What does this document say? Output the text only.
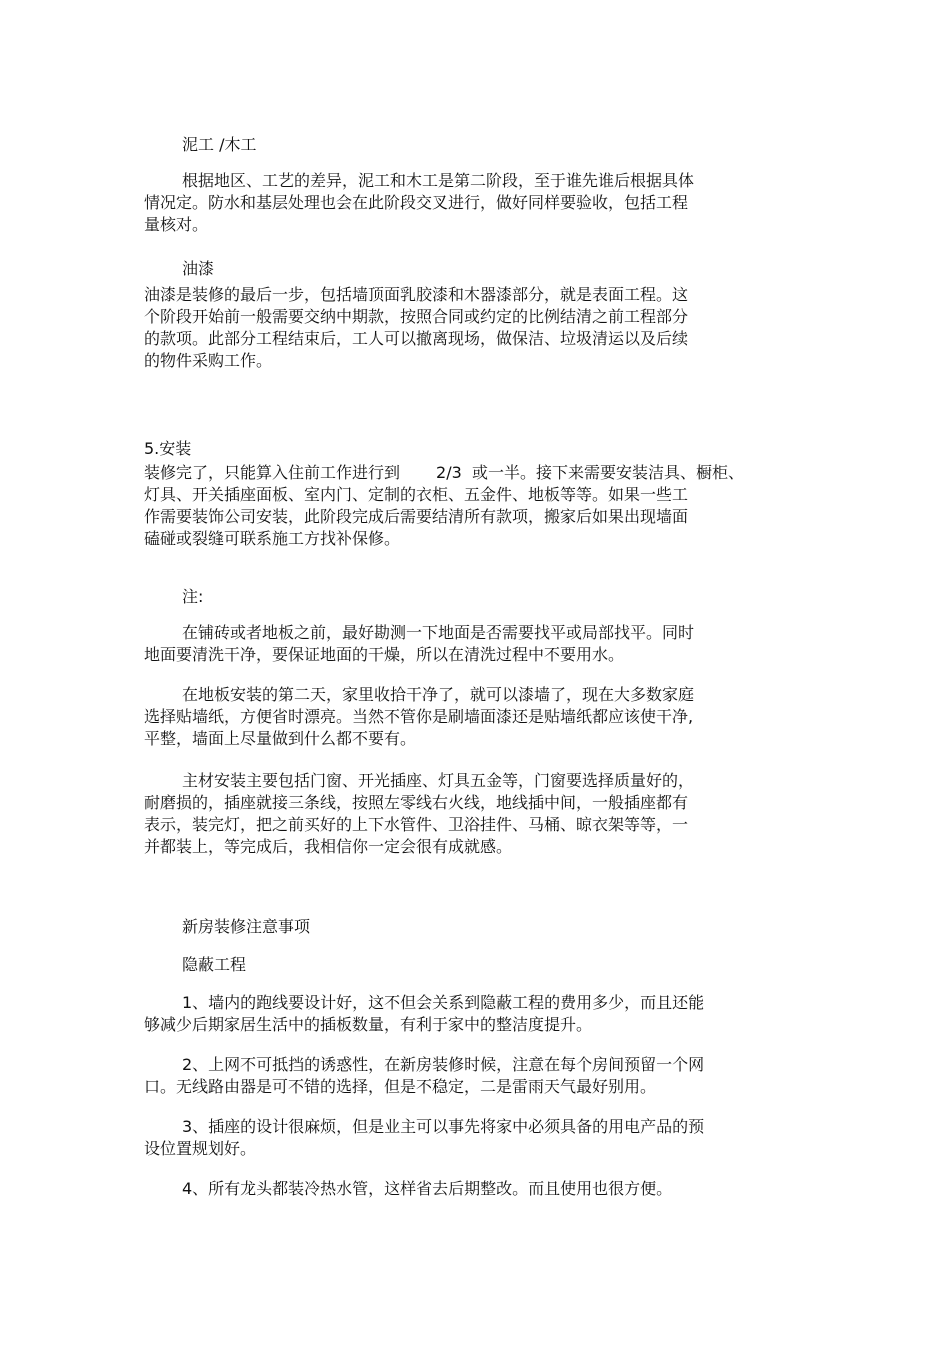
泥工 /木工

根据地区、工艺的差异，泥工和木工是第二阶段，至于谁先谁后根据具体
情况定。防水和基层处理也会在此阶段交叉进行，做好同样要验收，包括工程
量核对。

油漆

油漆是装修的最后一步，包括墙顶面乳胶漆和木器漆部分，就是表面工程。这
个阶段开始前一般需要交纳中期款，按照合同或约定的比例结清之前工程部分
的款项。此部分工程结束后，工人可以撤离现场，做保洁、垃圾清运以及后续
的物件采购工作。

5.安装

装修完了，只能算入住前工作进行到 2/3 或一半。接下来需要安装洁具、橱柜、
灯具、开关插座面板、室内门、定制的衣柜、五金件、地板等等。如果一些工
作需要装饰公司安装，此阶段完成后需要结清所有款项，搬家后如果出现墙面
磕碰或裂缝可联系施工方找补保修。

注:

在铺砖或者地板之前，最好勘测一下地面是否需要找平或局部找平。同时
地面要清洗干净，要保证地面的干燥，所以在清洗过程中不要用水。
在地板安装的第二天，家里收拾干净了，就可以漆墙了，现在大多数家庭
选择贴墙纸，方便省时漂亮。当然不管你是刷墙面漆还是贴墙纸都应该使干净,
平整，墙面上尽量做到什么都不要有。
主材安装主要包括门窗、开光插座、灯具五金等，门窗要选择质量好的，
耐磨损的，插座就接三条线，按照左零线右火线，地线插中间，一般插座都有
表示，装完灯，把之前买好的上下水管件、卫浴挂件、马桶、晾衣架等等，一
并都装上，等完成后，我相信你一定会很有成就感。

新房装修注意事项

隐蔽工程

1、墙内的跑线要设计好，这不但会关系到隐蔽工程的费用多少，而且还能
够减少后期家居生活中的插板数量，有利于家中的整洁度提升。
2、上网不可抵挡的诱惑性，在新房装修时候，注意在每个房间预留一个网
口。无线路由器是可不错的选择，但是不稳定，二是雷雨天气最好别用。
3、插座的设计很麻烦，但是业主可以事先将家中必须具备的用电产品的预
设位置规划好。
4、所有龙头都装冷热水管，这样省去后期整改。而且使用也很方便。
